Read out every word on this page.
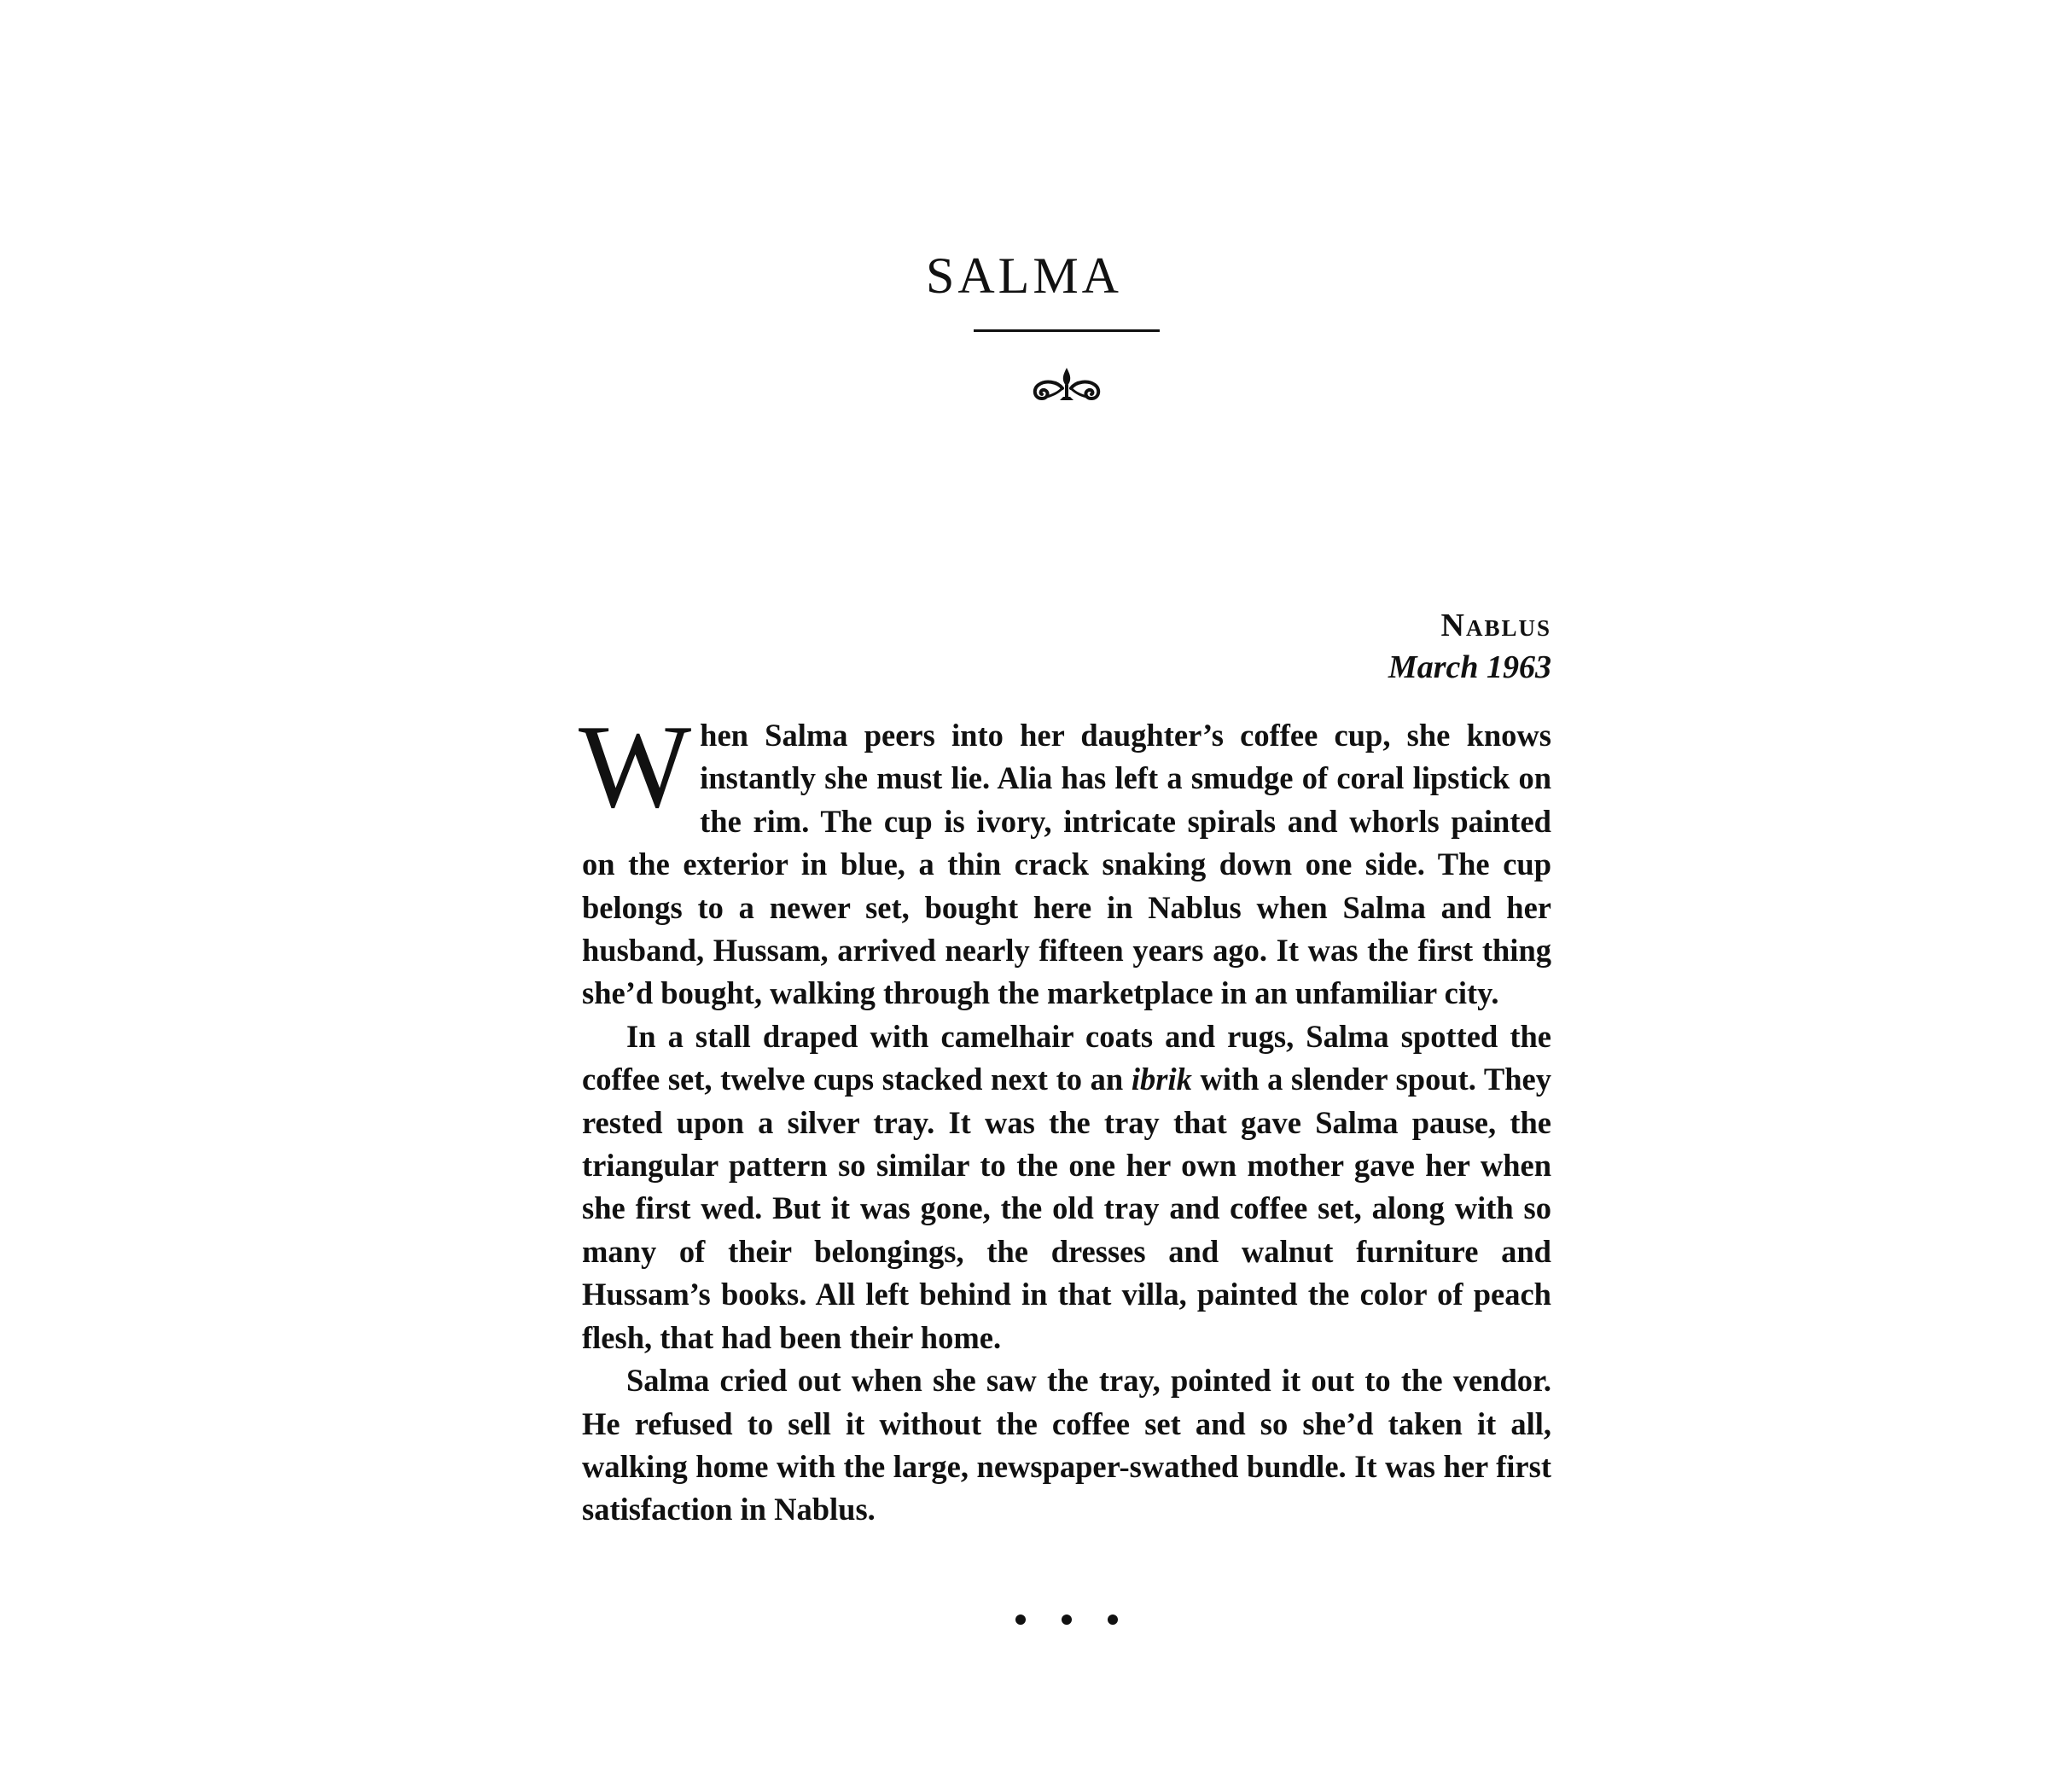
SALMA
Nablus
March 1963

When Salma peers into her daughter’s coffee cup, she knows instantly she must lie. Alia has left a smudge of coral lipstick on the rim. The cup is ivory, intricate spirals and whorls painted on the exterior in blue, a thin crack snaking down one side. The cup belongs to a newer set, bought here in Nablus when Salma and her husband, Hussam, arrived nearly fifteen years ago. It was the first thing she’d bought, walking through the marketplace in an unfamiliar city.

In a stall draped with camelhair coats and rugs, Salma spotted the coffee set, twelve cups stacked next to an ibrik with a slender spout. They rested upon a silver tray. It was the tray that gave Salma pause, the triangular pattern so similar to the one her own mother gave her when she first wed. But it was gone, the old tray and coffee set, along with so many of their belongings, the dresses and walnut furniture and Hussam’s books. All left behind in that villa, painted the color of peach flesh, that had been their home.

Salma cried out when she saw the tray, pointed it out to the vendor. He refused to sell it without the coffee set and so she’d taken it all, walking home with the large, newspaper-swathed bundle. It was her first satisfaction in Nablus.
